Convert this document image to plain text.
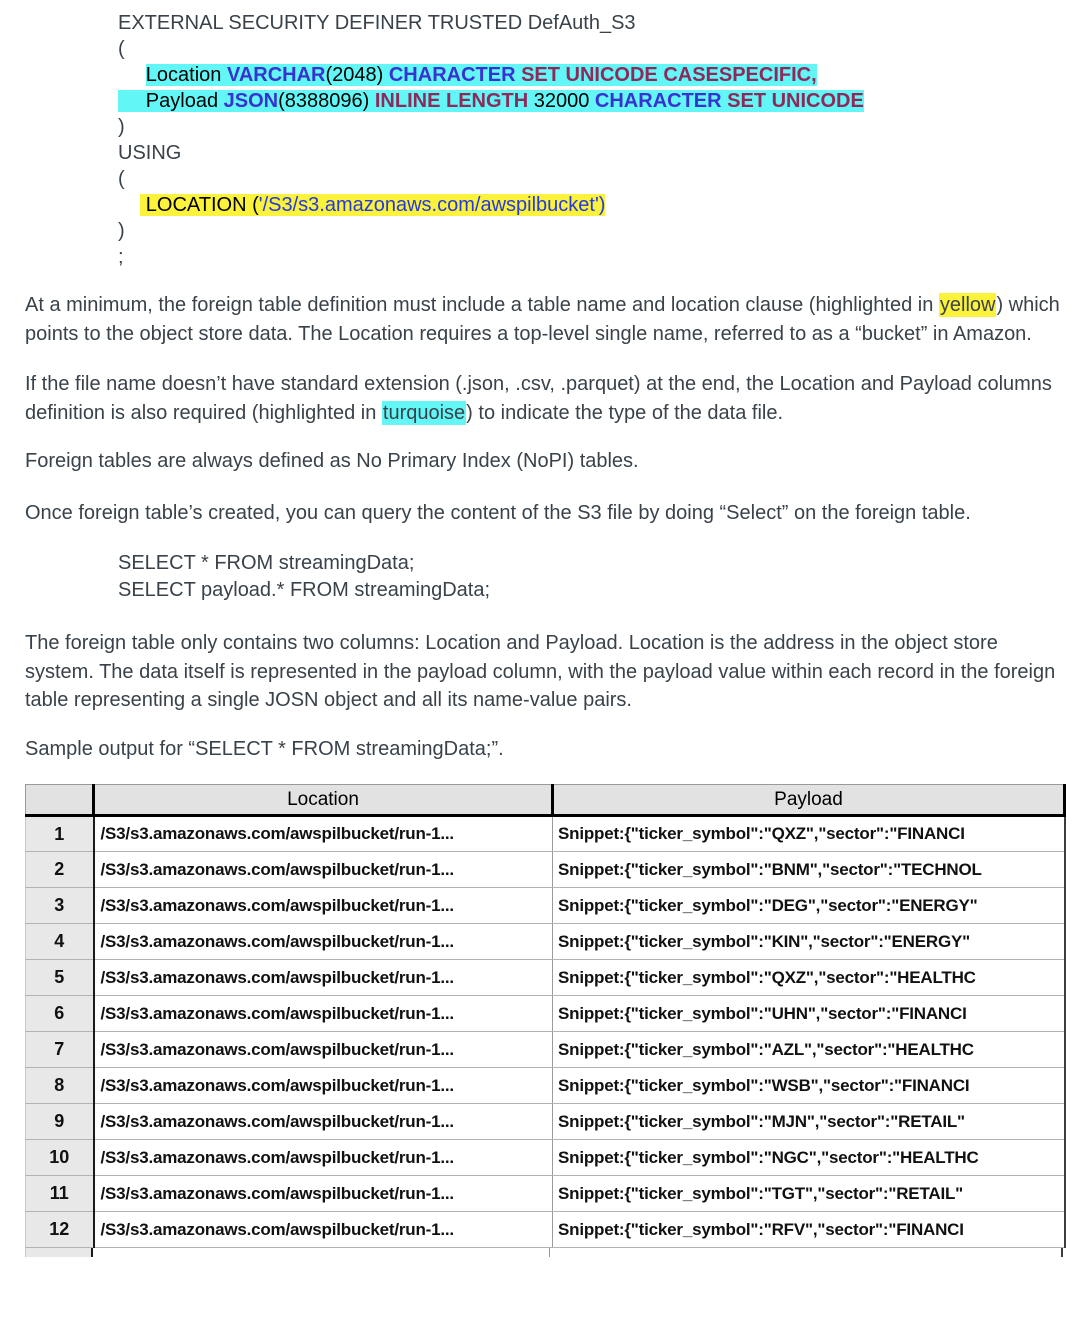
EXTERNAL SECURITY DEFINER TRUSTED DefAuth_S3
(
Location VARCHAR(2048) CHARACTER SET UNICODE CASESPECIFIC,
Payload JSON(8388096) INLINE LENGTH 32000 CHARACTER SET UNICODE
)
USING
(
LOCATION ('/S3/s3.amazonaws.com/awspilbucket')
)
;
At a minimum, the foreign table definition must include a table name and location clause (highlighted in yellow) which points to the object store data. The Location requires a top-level single name, referred to as a “bucket” in Amazon.
If the file name doesn’t have standard extension (.json, .csv, .parquet) at the end, the Location and Payload columns definition is also required (highlighted in turquoise) to indicate the type of the data file.
Foreign tables are always defined as No Primary Index (NoPI) tables.
Once foreign table’s created, you can query the content of the S3 file by doing “Select” on the foreign table.
SELECT * FROM streamingData;
SELECT payload.* FROM streamingData;
The foreign table only contains two columns: Location and Payload. Location is the address in the object store system. The data itself is represented in the payload column, with the payload value within each record in the foreign table representing a single JOSN object and all its name-value pairs.
Sample output for “SELECT * FROM streamingData;”.
	Location	Payload
1	/S3/s3.amazonaws.com/awspilbucket/run-1...	Snippet:{"ticker_symbol":"QXZ","sector":"FINANCI
2	/S3/s3.amazonaws.com/awspilbucket/run-1...	Snippet:{"ticker_symbol":"BNM","sector":"TECHNOL
3	/S3/s3.amazonaws.com/awspilbucket/run-1...	Snippet:{"ticker_symbol":"DEG","sector":"ENERGY"
4	/S3/s3.amazonaws.com/awspilbucket/run-1...	Snippet:{"ticker_symbol":"KIN","sector":"ENERGY"
5	/S3/s3.amazonaws.com/awspilbucket/run-1...	Snippet:{"ticker_symbol":"QXZ","sector":"HEALTHC
6	/S3/s3.amazonaws.com/awspilbucket/run-1...	Snippet:{"ticker_symbol":"UHN","sector":"FINANCI
7	/S3/s3.amazonaws.com/awspilbucket/run-1...	Snippet:{"ticker_symbol":"AZL","sector":"HEALTHC
8	/S3/s3.amazonaws.com/awspilbucket/run-1...	Snippet:{"ticker_symbol":"WSB","sector":"FINANCI
9	/S3/s3.amazonaws.com/awspilbucket/run-1...	Snippet:{"ticker_symbol":"MJN","sector":"RETAIL"
10	/S3/s3.amazonaws.com/awspilbucket/run-1...	Snippet:{"ticker_symbol":"NGC","sector":"HEALTHC
11	/S3/s3.amazonaws.com/awspilbucket/run-1...	Snippet:{"ticker_symbol":"TGT","sector":"RETAIL"
12	/S3/s3.amazonaws.com/awspilbucket/run-1...	Snippet:{"ticker_symbol":"RFV","sector":"FINANCI
